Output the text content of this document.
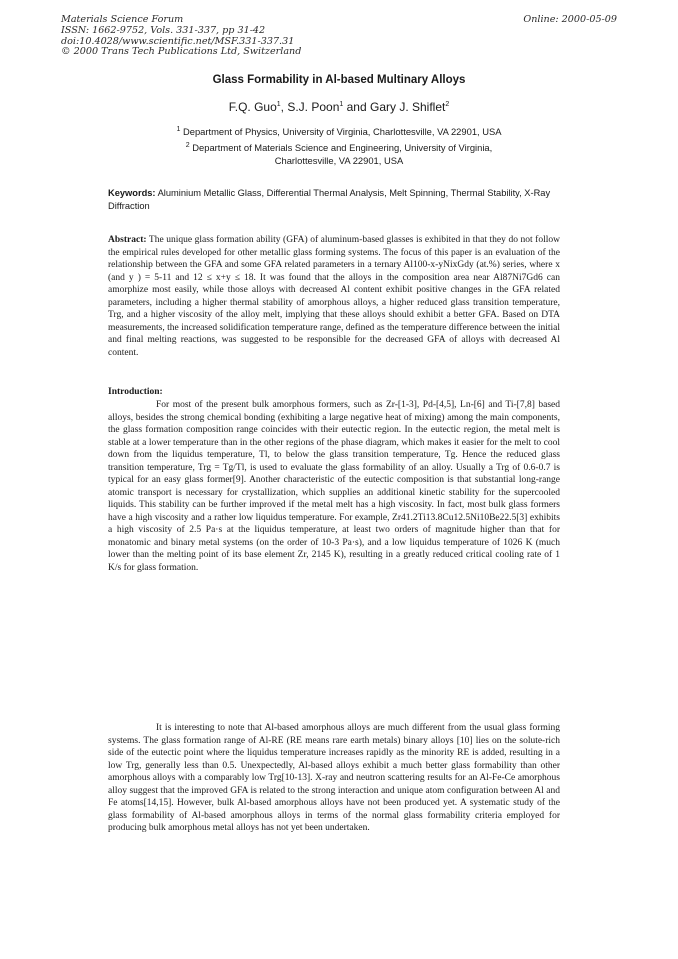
Materials Science Forum
ISSN: 1662-9752, Vols. 331-337, pp 31-42
doi:10.4028/www.scientific.net/MSF.331-337.31
© 2000 Trans Tech Publications Ltd, Switzerland
Online: 2000-05-09
Glass Formability in Al-based Multinary Alloys
F.Q. Guo$^1$, S.J. Poon$^1$ and Gary J. Shiflet$^2$
$^1$ Department of Physics, University of Virginia, Charlottesville, VA 22901, USA
$^2$ Department of Materials Science and Engineering, University of Virginia,
Charlottesville, VA 22901, USA
Keywords: Aluminium Metallic Glass, Differential Thermal Analysis, Melt Spinning, Thermal Stability, X-Ray Diffraction

Abstract: The unique glass formation ability (GFA) of aluminum-based glasses is exhibited in that they do not follow the empirical rules developed for other metallic glass forming systems. The focus of this paper is an evaluation of the relationship between the GFA and some GFA related parameters in a ternary Al100-x-yNixGdy (at.%) series, where x (and y ) = 5-11 and 12 ≤ x+y ≤ 18. It was found that the alloys in the composition area near Al87Ni7Gd6 can amorphize most easily, while those alloys with decreased Al content exhibit positive changes in the GFA related parameters, including a higher thermal stability of amorphous alloys, a higher reduced glass transition temperature, Trg, and a higher viscosity of the alloy melt, implying that these alloys should exhibit a better GFA. Based on DTA measurements, the increased solidification temperature range, defined as the temperature difference between the initial and final melting reactions, was suggested to be responsible for the decreased GFA of alloys with decreased Al content.

Introduction:

For most of the present bulk amorphous formers, such as Zr-[1-3], Pd-[4,5], Ln-[6] and Ti-[7,8] based alloys, besides the strong chemical bonding (exhibiting a large negative heat of mixing) among the main components, the glass formation composition range coincides with their eutectic region. In the eutectic region, the metal melt is stable at a lower temperature than in the other regions of the phase diagram, which makes it easier for the melt to cool down from the liquidus temperature, Tl, to below the glass transition temperature, Tg. Hence the reduced glass transition temperature, Trg = Tg/Tl, is used to evaluate the glass formability of an alloy. Usually a Trg of 0.6-0.7 is typical for an easy glass former[9]. Another characteristic of the eutectic composition is that substantial long-range atomic transport is necessary for crystallization, which supplies an additional kinetic stability for the supercooled liquids. This stability can be further improved if the metal melt has a high viscosity. In fact, most bulk glass formers have a high viscosity and a rather low liquidus temperature. For example, Zr41.2Ti13.8Cu12.5Ni10Be22.5[3] exhibits a high viscosity of 2.5 Pa·s at the liquidus temperature, at least two orders of magnitude higher than that for monatomic and binary metal systems (on the order of 10-3 Pa·s), and a low liquidus temperature of 1026 K (much lower than the melting point of its base element Zr, 2145 K), resulting in a greatly reduced critical cooling rate of 1 K/s for glass formation.

It is interesting to note that Al-based amorphous alloys are much different from the usual glass forming systems. The glass formation range of Al-RE (RE means rare earth metals) binary alloys [10] lies on the solute-rich side of the eutectic point where the liquidus temperature increases rapidly as the minority RE is added, resulting in a low Trg, generally less than 0.5. Unexpectedly, Al-based alloys exhibit a much better glass formability than other amorphous alloys with a comparably low Trg[10-13]. X-ray and neutron scattering results for an Al-Fe-Ce amorphous alloy suggest that the improved GFA is related to the strong interaction and unique atom configuration between Al and Fe atoms[14,15]. However, bulk Al-based amorphous alloys have not been produced yet. A systematic study of the glass formability of Al-based amorphous alloys in terms of the normal glass formability criteria employed for producing bulk amorphous metal alloys has not yet been undertaken.
